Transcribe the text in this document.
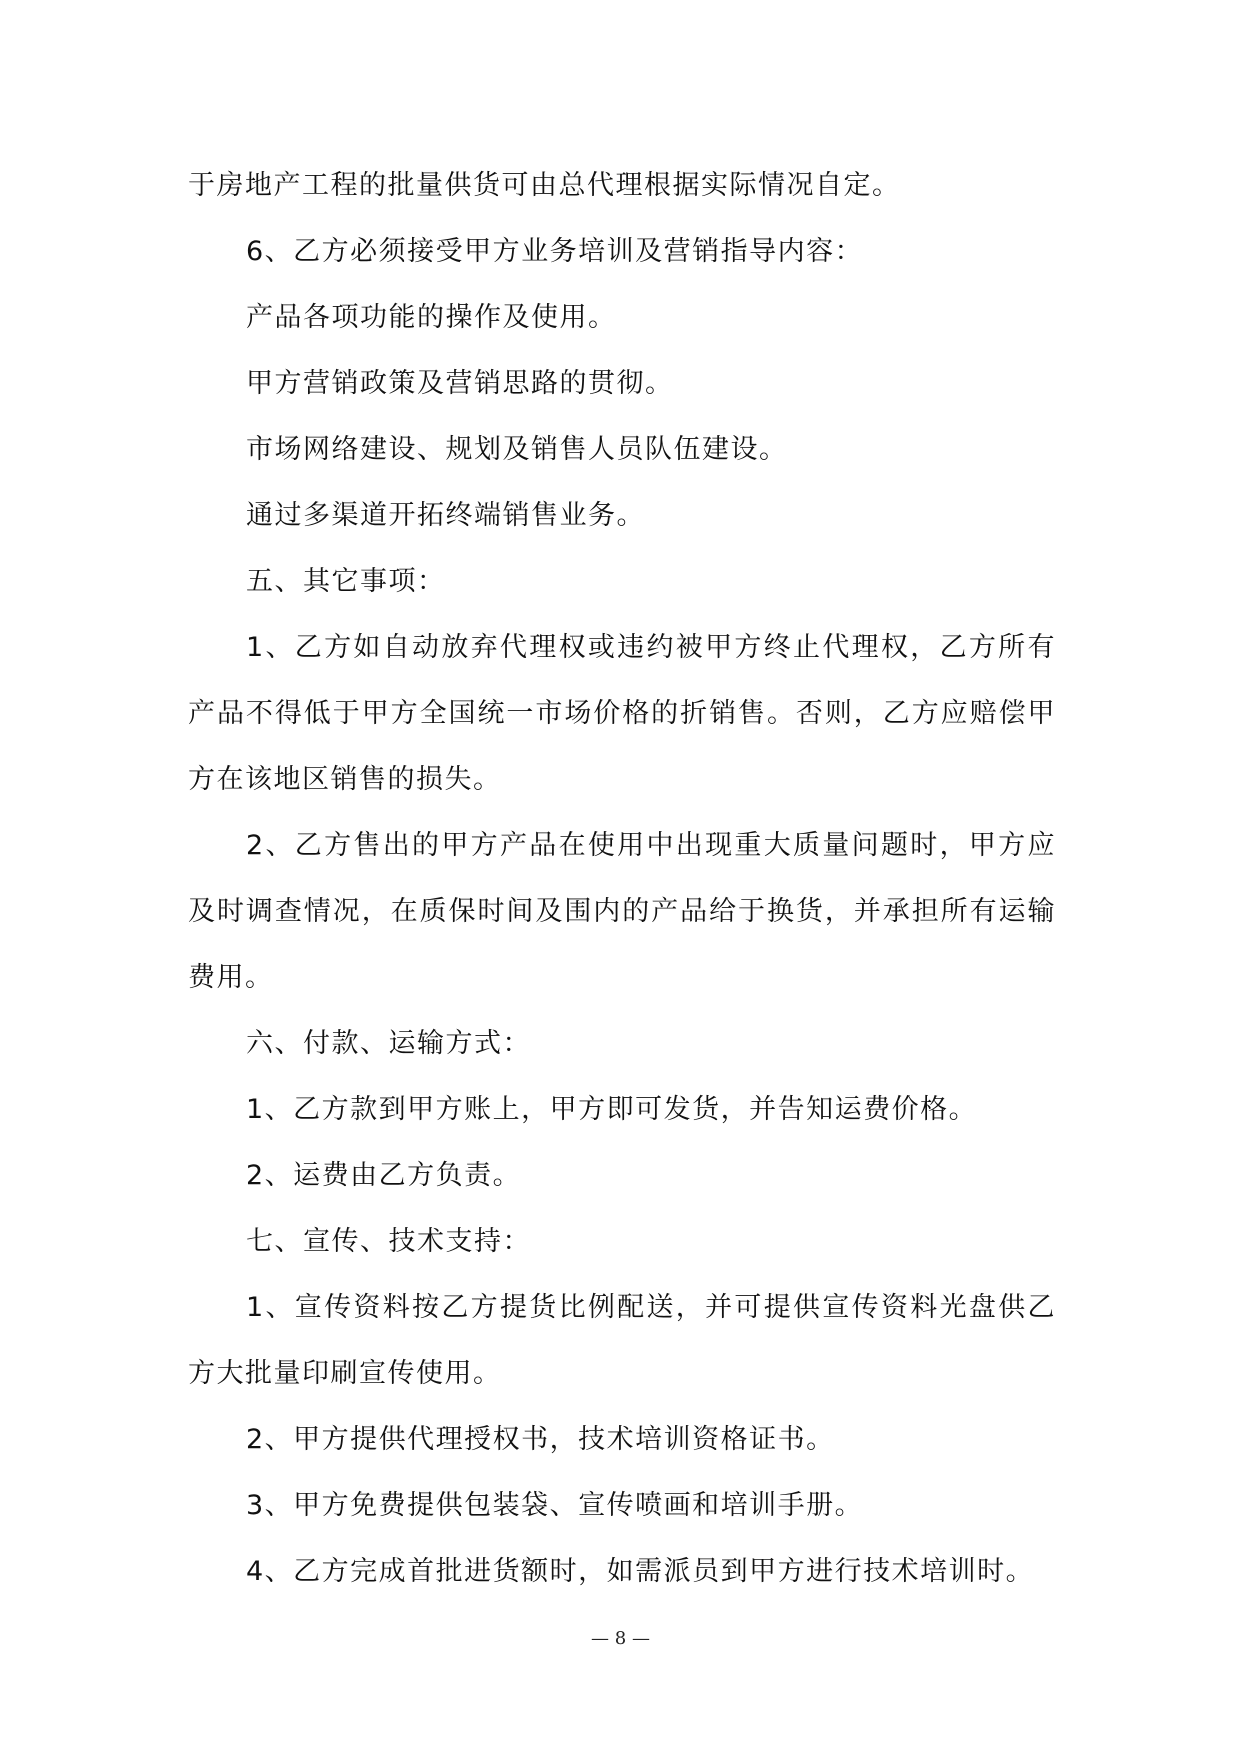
于房地产工程的批量供货可由总代理根据实际情况自定。

6、乙方必须接受甲方业务培训及营销指导内容：

产品各项功能的操作及使用。

甲方营销政策及营销思路的贯彻。

市场网络建设、规划及销售人员队伍建设。

通过多渠道开拓终端销售业务。

五、其它事项：

1、乙方如自动放弃代理权或违约被甲方终止代理权，乙方所有产品不得低于甲方全国统一市场价格的折销售。否则，乙方应赔偿甲方在该地区销售的损失。

2、乙方售出的甲方产品在使用中出现重大质量问题时，甲方应及时调查情况，在质保时间及围内的产品给于换货，并承担所有运输费用。

六、付款、运输方式：

1、乙方款到甲方账上，甲方即可发货，并告知运费价格。

2、运费由乙方负责。

七、宣传、技术支持：

1、宣传资料按乙方提货比例配送，并可提供宣传资料光盘供乙方大批量印刷宣传使用。

2、甲方提供代理授权书，技术培训资格证书。

3、甲方免费提供包装袋、宣传喷画和培训手册。

4、乙方完成首批进货额时，如需派员到甲方进行技术培训时。

— 8 —
